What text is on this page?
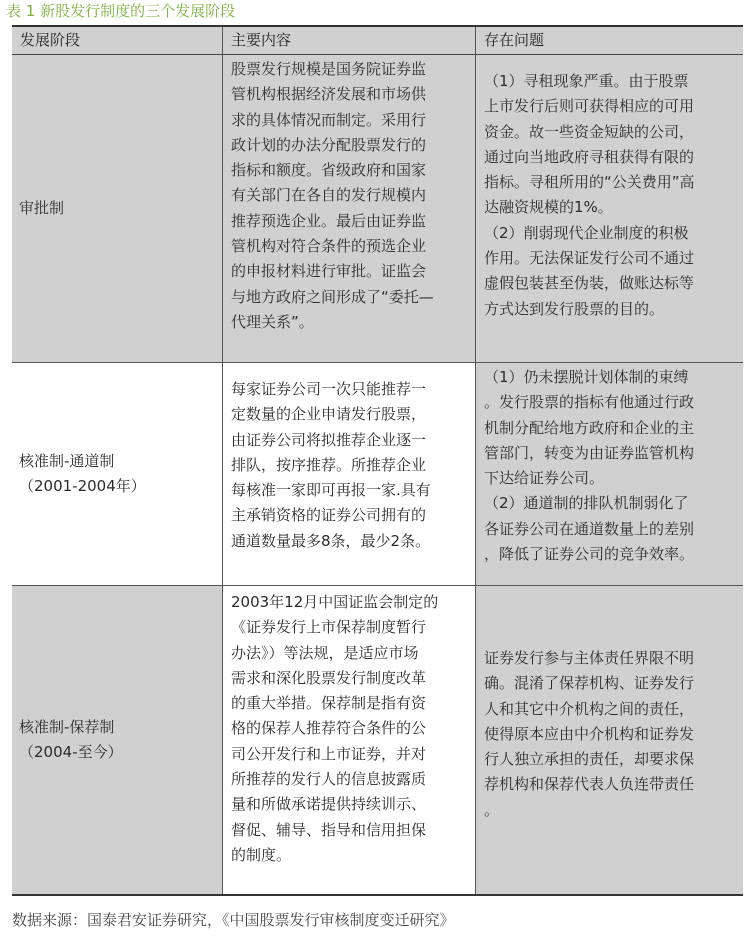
表 1 新股发行制度的三个发展阶段
发展阶段	主要内容	存在问题
审批制
股票发行规模是国务院证券监
管机构根据经济发展和市场供
求的具体情况而制定。采用行
政计划的办法分配股票发行的
指标和额度。省级政府和国家
有关部门在各自的发行规模内
推荐预选企业。最后由证券监
管机构对符合条件的预选企业
的申报材料进行审批。证监会
与地方政府之间形成了“委托—
代理关系”。
（1）寻租现象严重。由于股票
上市发行后则可获得相应的可用
资金。故一些资金短缺的公司，
通过向当地政府寻租获得有限的
指标。寻租所用的“公关费用”高
达融资规模的1%。
（2）削弱现代企业制度的积极
作用。无法保证发行公司不通过
虚假包装甚至伪装，做账达标等
方式达到发行股票的目的。
核准制-通道制
（2001-2004年）
每家证券公司一次只能推荐一
定数量的企业申请发行股票，
由证券公司将拟推荐企业逐一
排队，按序推荐。所推荐企业
每核准一家即可再报一家.具有
主承销资格的证券公司拥有的
通道数量最多8条，最少2条。
（1）仍未摆脱计划体制的束缚
。发行股票的指标有他通过行政
机制分配给地方政府和企业的主
管部门，转变为由证券监管机构
下达给证券公司。
（2）通道制的排队机制弱化了
各证券公司在通道数量上的差别
，降低了证券公司的竞争效率。
核准制-保荐制
（2004-至今）
2003年12月中国证监会制定的
《证券发行上市保荐制度暂行
办法》）等法规，是适应市场
需求和深化股票发行制度改革
的重大举措。保荐制是指有资
格的保荐人推荐符合条件的公
司公开发行和上市证券，并对
所推荐的发行人的信息披露质
量和所做承诺提供持续训示、
督促、辅导、指导和信用担保
的制度。
证券发行参与主体责任界限不明
确。混淆了保荐机构、证券发行
人和其它中介机构之间的责任，
使得原本应由中介机构和证券发
行人独立承担的责任，却要求保
荐机构和保荐代表人负连带责任
。
数据来源：国泰君安证券研究，《中国股票发行审核制度变迁研究》
